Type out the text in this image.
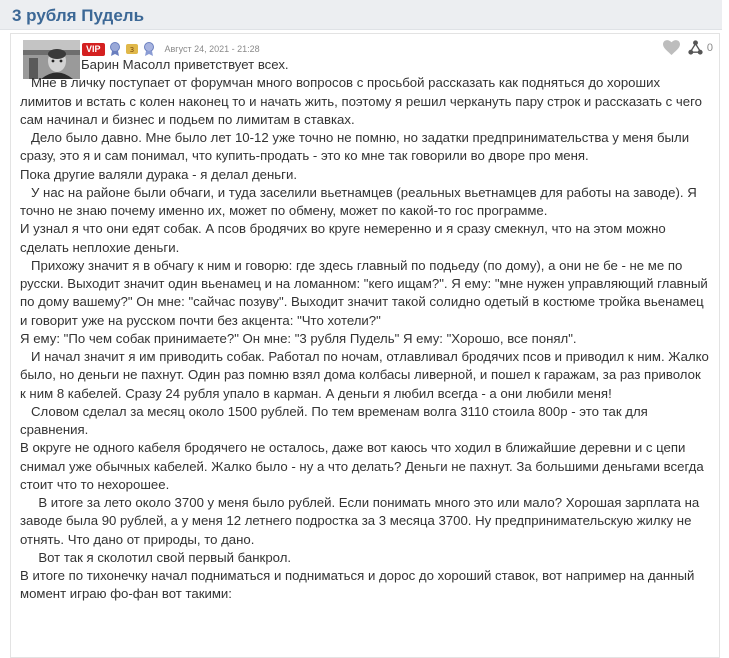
3 рубля Пудель
VIP	3	Август 24, 2021 - 21:28	0

Барин Масолл приветствует всех.

Мне в личку поступает от форумчан много вопросов с просьбой рассказать как подняться до хороших лимитов и встать с колен наконец то и начать жить, поэтому я решил черкануть пару строк и рассказать с чего сам начинал и бизнес и подьем по лимитам в ставках.

Дело было давно. Мне было лет 10-12 уже точно не помню, но задатки предпринимательства у меня были сразу, это я и сам понимал, что купить-продать - это ко мне так говорили во дворе про меня.

Пока другие валяли дурака - я делал деньги.

У нас на районе были обчаги, и туда заселили вьетнамцев (реальных вьетнамцев для работы на заводе). Я точно не знаю почему именно их, может по обмену, может по какой-то гос программе.

И узнал я что они едят собак. А псов бродячих во круге немеренно и я сразу смекнул, что на этом можно сделать неплохие деньги.

Прихожу значит я в обчагу к ним и говорю: где здесь главный по подьеду (по дому), а они не бе - не ме по русски. Выходит значит один вьенамец и на ломанном: "кего ищам?". Я ему: "мне нужен управляющий главный по дому вашему?" Он мне: "сайчас позуву". Выходит значит такой солидно одетый в костюме тройка вьенамец и говорит уже на русском почти без акцента: "Что хотели?"

Я ему: "По чем собак принимаете?" Он мне: "3 рубля Пудель" Я ему: "Хорошо, все понял".

И начал значит я им приводить собак. Работал по ночам, отлавливал бродячих псов и приводил к ним. Жалко было, но деньги не пахнут. Один раз помню взял дома колбасы ливерной, и пошел к гаражам, за раз приволок к ним 8 кабелей. Сразу 24 рубля упало в карман. А деньги я любил всегда - а они любили меня!

Словом сделал за месяц около 1500 рублей. По тем временам волга 3110 стоила 800р - это так для сравнения.

В округе не одного кабеля бродячего не осталось, даже вот каюсь что ходил в ближайшие деревни и с цепи снимал уже обычных кабелей. Жалко было - ну а что делать? Деньги не пахнут. За большими деньгами всегда стоит что то нехорошее.

В итоге за лето около 3700 у меня было рублей. Если понимать много это или мало? Хорошая зарплата на заводе была 90 рублей, а у меня 12 летнего подростка за 3 месяца 3700. Ну предпринимательскую жилку не отнять. Что дано от природы, то дано.

Вот так я сколотил свой первый банкрол.

В итоге по тихонечку начал подниматься и подниматься и дорос до хороший ставок, вот например на данный момент играю фо-фан вот такими:
